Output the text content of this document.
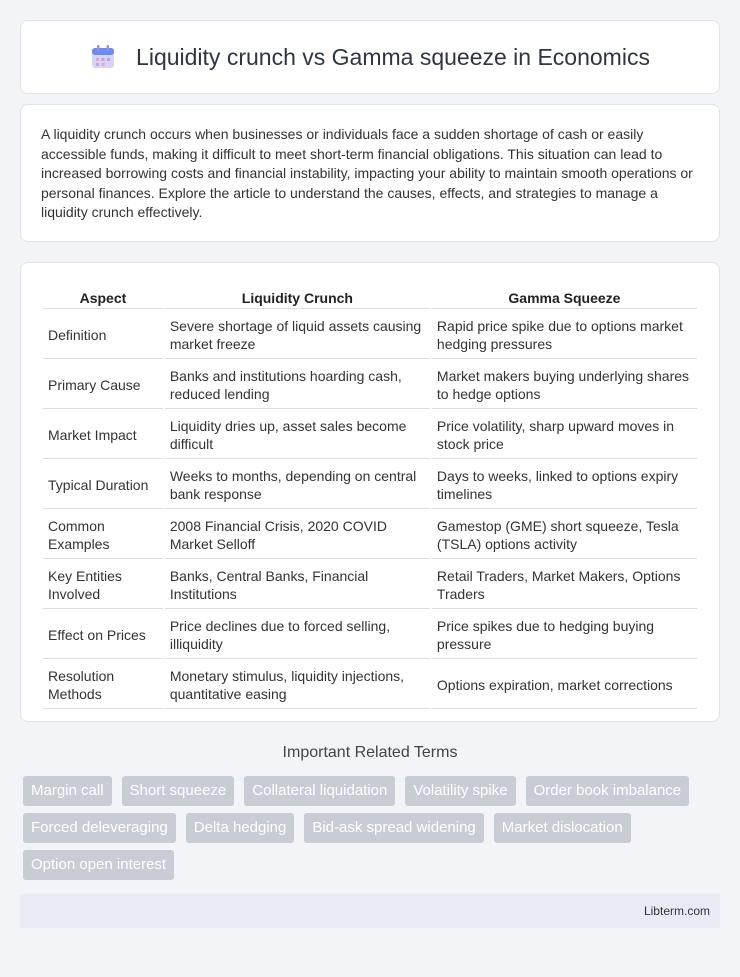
Liquidity crunch vs Gamma squeeze in Economics

A liquidity crunch occurs when businesses or individuals face a sudden shortage of cash or easily accessible funds, making it difficult to meet short-term financial obligations. This situation can lead to increased borrowing costs and financial instability, impacting your ability to maintain smooth operations or personal finances. Explore the article to understand the causes, effects, and strategies to manage a liquidity crunch effectively.

Aspect	Liquidity Crunch	Gamma Squeeze
Definition	Severe shortage of liquid assets causing market freeze	Rapid price spike due to options market hedging pressures
Primary Cause	Banks and institutions hoarding cash, reduced lending	Market makers buying underlying shares to hedge options
Market Impact	Liquidity dries up, asset sales become difficult	Price volatility, sharp upward moves in stock price
Typical Duration	Weeks to months, depending on central bank response	Days to weeks, linked to options expiry timelines
Common Examples	2008 Financial Crisis, 2020 COVID Market Selloff	Gamestop (GME) short squeeze, Tesla (TSLA) options activity
Key Entities Involved	Banks, Central Banks, Financial Institutions	Retail Traders, Market Makers, Options Traders
Effect on Prices	Price declines due to forced selling, illiquidity	Price spikes due to hedging buying pressure
Resolution Methods	Monetary stimulus, liquidity injections, quantitative easing	Options expiration, market corrections
Important Related Terms
Margin call	Short squeeze	Collateral liquidation	Volatility spike	Order book imbalance
Forced deleveraging	Delta hedging	Bid-ask spread widening	Market dislocation
Option open interest
Libterm.com
